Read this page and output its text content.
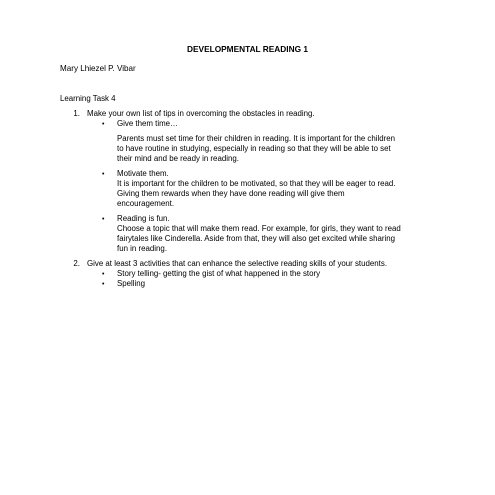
DEVELOPMENTAL READING 1
Mary Lhiezel P. Vibar
Learning Task 4
1. Make your own list of tips in overcoming the obstacles in reading.
• Give them time…
Parents must set time for their children in reading. It is important for the children
to have routine in studying, especially in reading so that they will be able to set
their mind and be ready in reading.
• Motivate them.
It is important for the children to be motivated, so that they will be eager to read.
Giving them rewards when they have done reading will give them
encouragement.
• Reading is fun.
Choose a topic that will make them read. For example, for girls, they want to read
fairytales like Cinderella. Aside from that, they will also get excited while sharing
fun in reading.
2. Give at least 3 activities that can enhance the selective reading skills of your students.
• Story telling- getting the gist of what happened in the story
• Spelling
